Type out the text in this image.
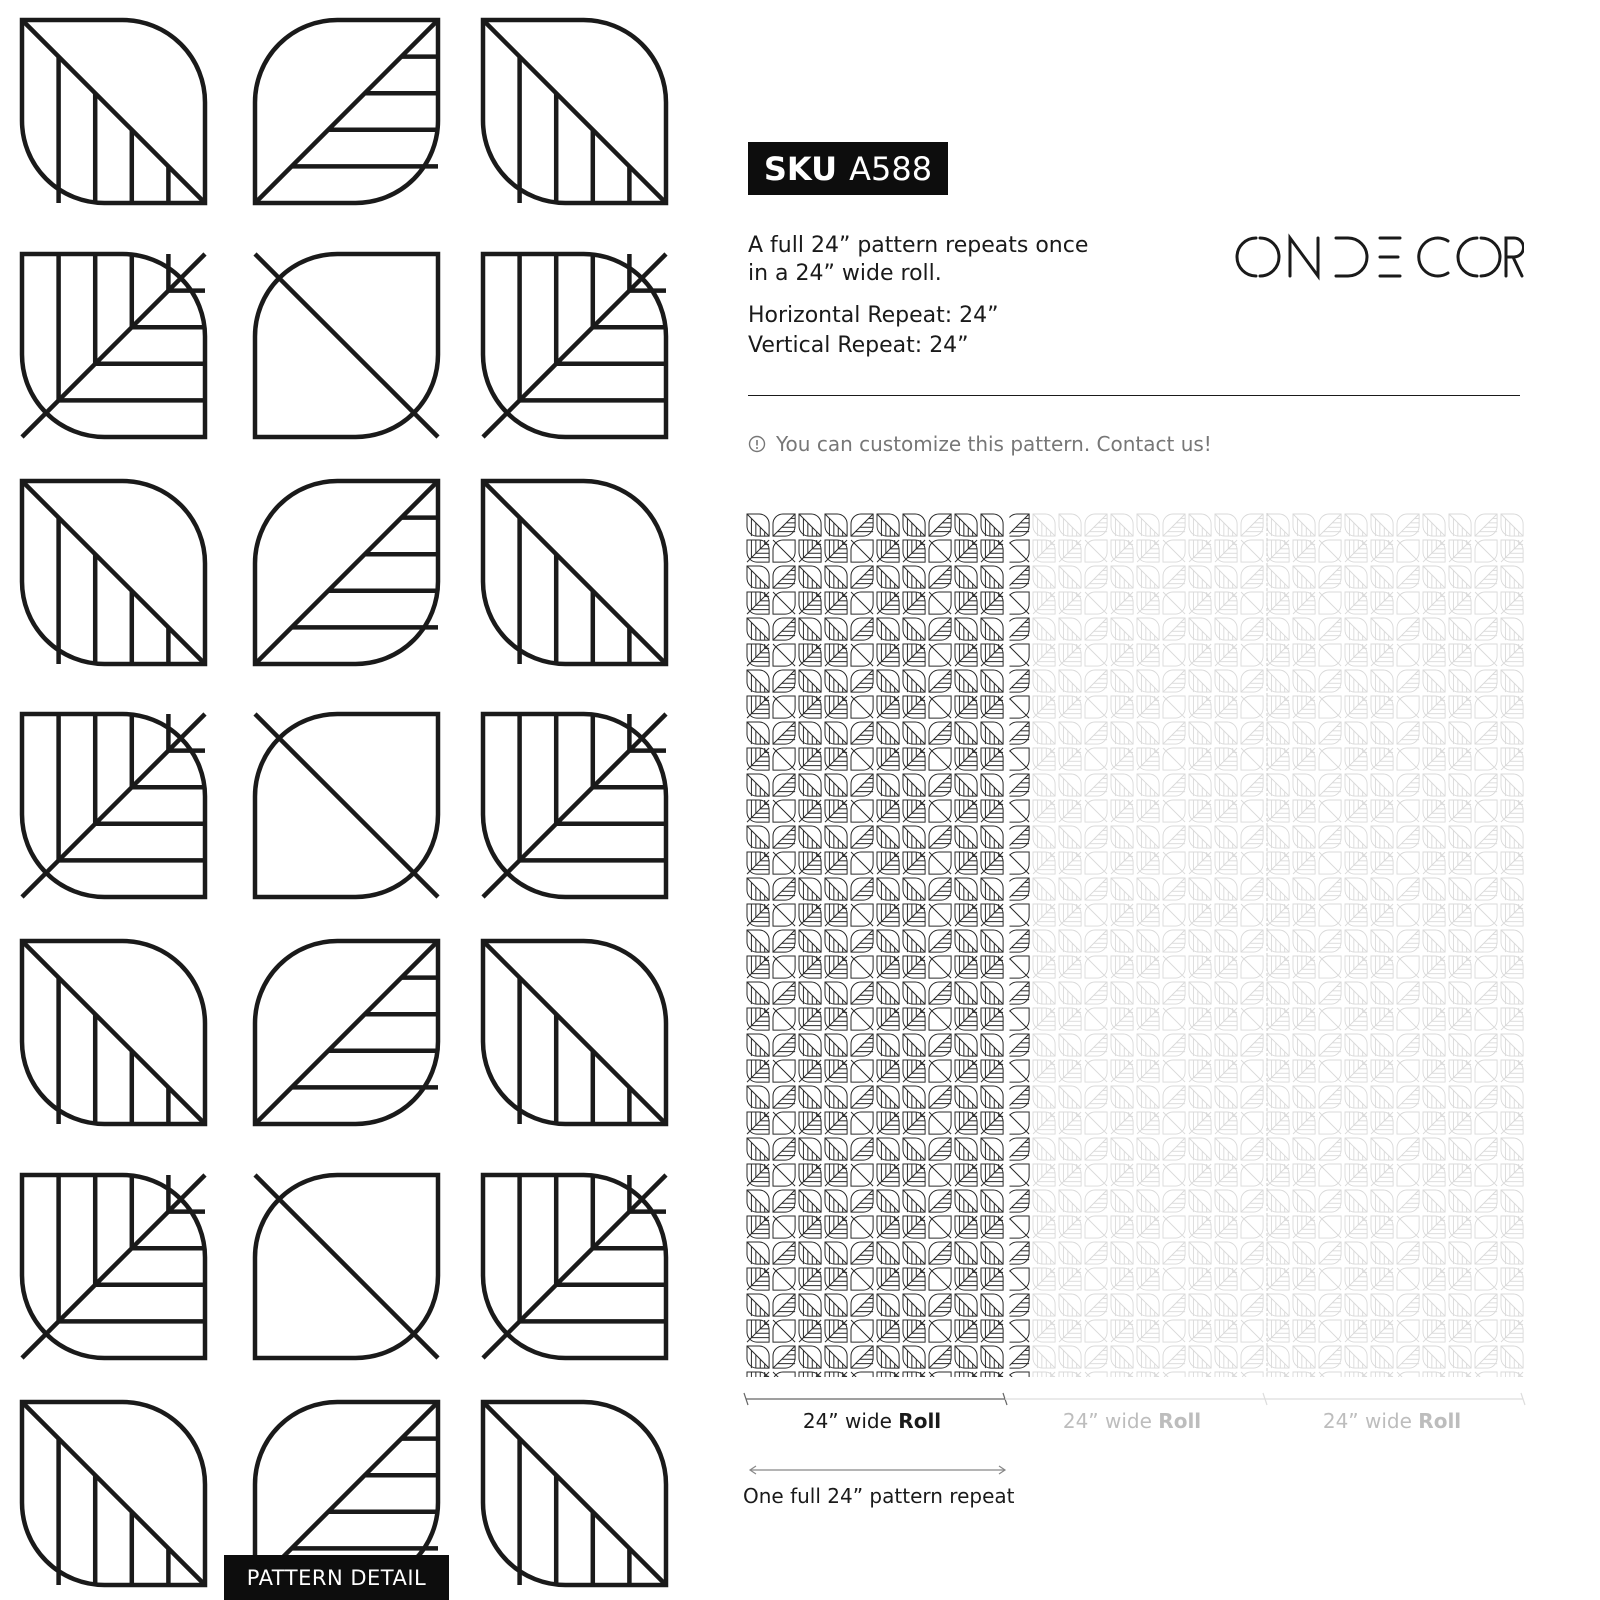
PATTERN DETAIL
SKU A588
A full 24” pattern repeats once
in a 24” wide roll.
Horizontal Repeat: 24”
Vertical Repeat: 24”
You can customize this pattern. Contact us!
24” wide Roll	24” wide Roll	24” wide Roll
One full 24” pattern repeat
